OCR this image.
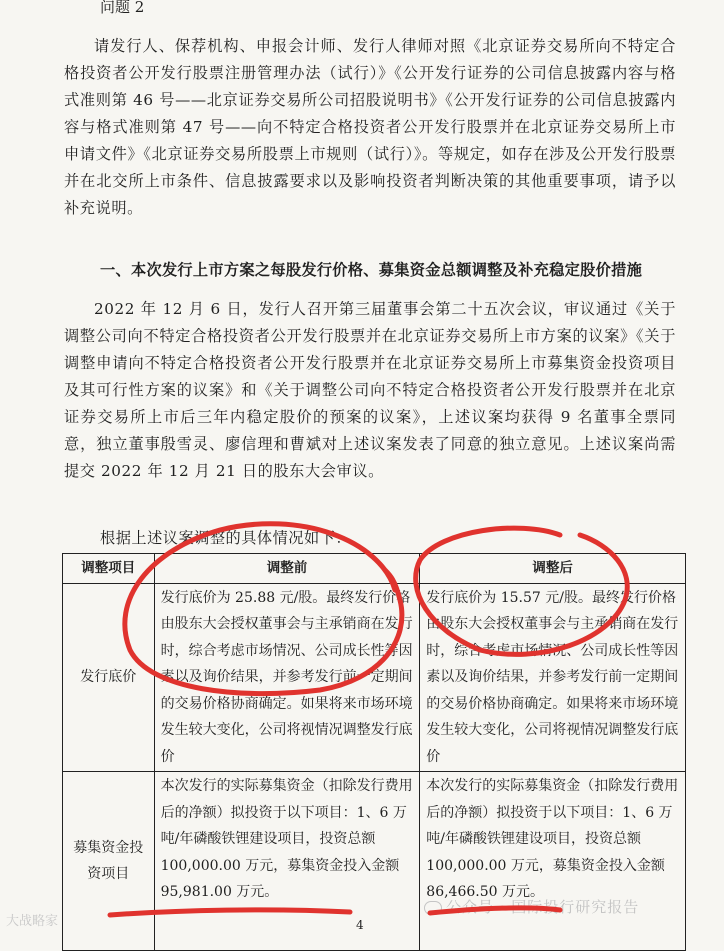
问题 2
请发行人、保荐机构、申报会计师、发行人律师对照《北京证券交易所向不特定合格投资者公开发行股票注册管理办法（试行）》《公开发行证券的公司信息披露内容与格式准则第 46 号——北京证券交易所公司招股说明书》《公开发行证券的公司信息披露内容与格式准则第 47 号——向不特定合格投资者公开发行股票并在北京证券交易所上市申请文件》《北京证券交易所股票上市规则（试行）》。等规定，如存在涉及公开发行股票并在北交所上市条件、信息披露要求以及影响投资者判断决策的其他重要事项，请予以补充说明。
一、本次发行上市方案之每股发行价格、募集资金总额调整及补充稳定股价措施
2022 年 12 月 6 日，发行人召开第三届董事会第二十五次会议，审议通过《关于调整公司向不特定合格投资者公开发行股票并在北京证券交易所上市方案的议案》《关于调整申请向不特定合格投资者公开发行股票并在北京证券交易所上市募集资金投资项目及其可行性方案的议案》和《关于调整公司向不特定合格投资者公开发行股票并在北京证券交易所上市后三年内稳定股价的预案的议案》，上述议案均获得 9 名董事全票同意，独立董事殷雪灵、廖信理和曹斌对上述议案发表了同意的独立意见。上述议案尚需提交 2022 年 12 月 21 日的股东大会审议。
根据上述议案调整的具体情况如下：
调整项目	调整前	调整后
发行底价	发行底价为 25.88 元/股。最终发行价格由股东大会授权董事会与主承销商在发行时，综合考虑市场情况、公司成长性等因素以及询价结果，并参考发行前一定期间的交易价格协商确定。如果将来市场环境发生较大变化，公司将视情况调整发行底价	发行底价为 15.57 元/股。最终发行价格由股东大会授权董事会与主承销商在发行时，综合考虑市场情况、公司成长性等因素以及询价结果，并参考发行前一定期间的交易价格协商确定。如果将来市场环境发生较大变化，公司将视情况调整发行底价
募集资金投资项目	本次发行的实际募集资金（扣除发行费用后的净额）拟投资于以下项目：1、6 万吨/年磷酸铁锂建设项目，投资总额 100,000.00 万元，募集资金投入金额 95,981.00 万元。	本次发行的实际募集资金（扣除发行费用后的净额）拟投资于以下项目：1、6 万吨/年磷酸铁锂建设项目，投资总额 100,000.00 万元，募集资金投入金额 86,466.50 万元。
4
大战略家
公众号 · 国际投行研究报告
